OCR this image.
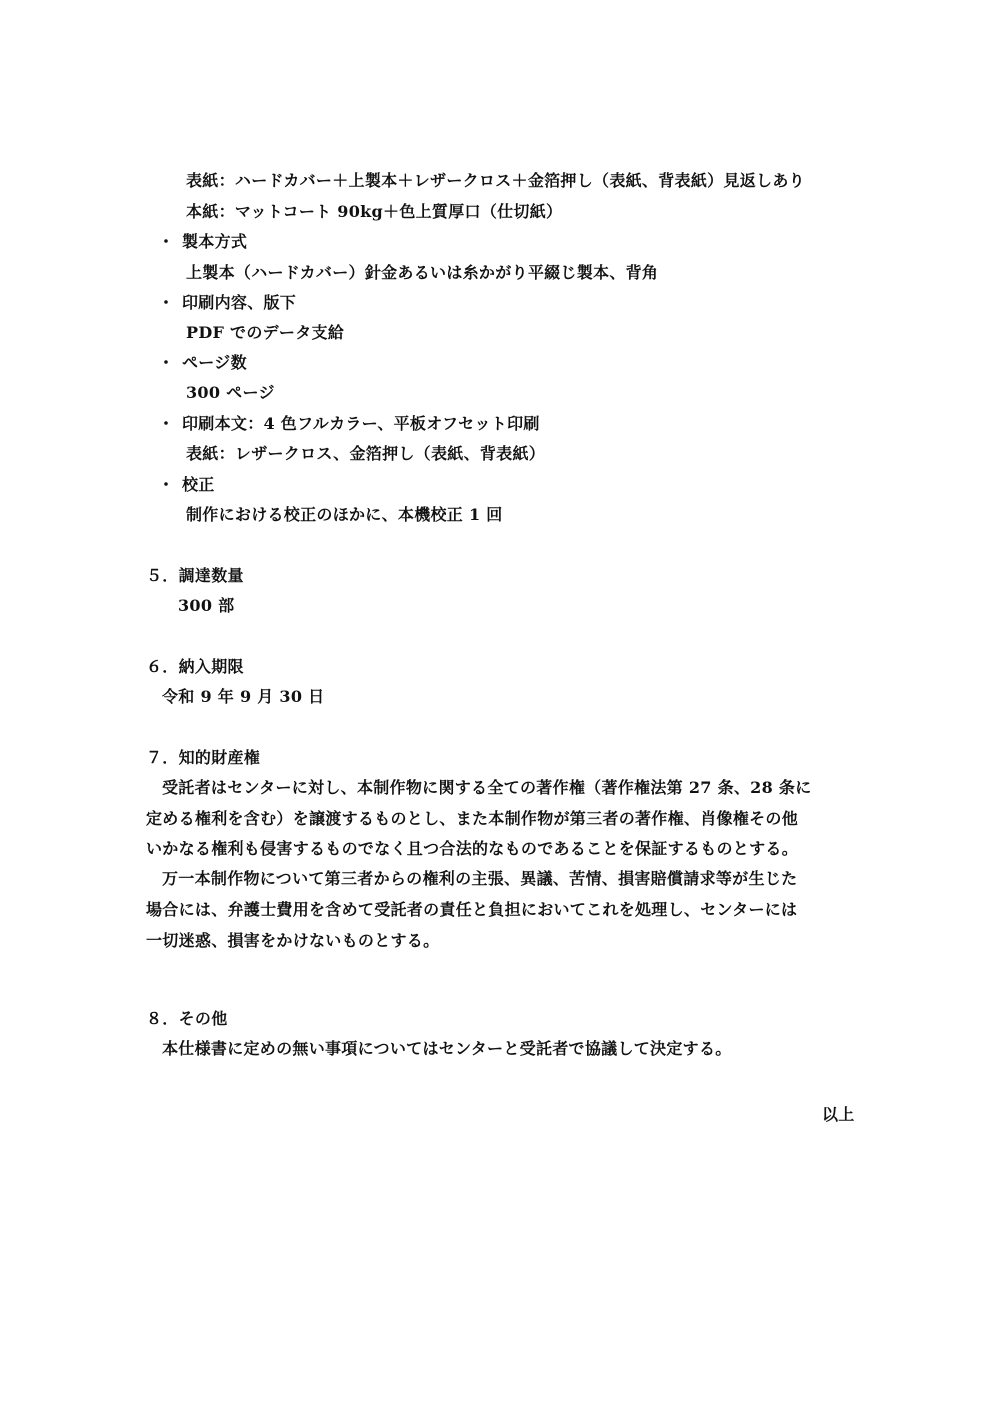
表紙：ハードカバー＋上製本＋レザークロス＋金箔押し（表紙、背表紙）見返しあり
本紙：マットコート 90kg＋色上質厚口（仕切紙）
・ 製本方式
上製本（ハードカバー）針金あるいは糸かがり平綴じ製本、背角
・ 印刷内容、版下
PDF でのデータ支給
・ ページ数
300 ページ
・ 印刷本文：4 色フルカラー、平板オフセット印刷
表紙：レザークロス、金箔押し（表紙、背表紙）
・ 校正
制作における校正のほかに、本機校正 1 回
５．調達数量
300 部
６．納入期限
令和 9 年 9 月 30 日
７．知的財産権
受託者はセンターに対し、本制作物に関する全ての著作権（著作権法第 27 条、28 条に
定める権利を含む）を譲渡するものとし、また本制作物が第三者の著作権、肖像権その他
いかなる権利も侵害するものでなく且つ合法的なものであることを保証するものとする。
万一本制作物について第三者からの権利の主張、異議、苦情、損害賠償請求等が生じた
場合には、弁護士費用を含めて受託者の責任と負担においてこれを処理し、センターには
一切迷惑、損害をかけないものとする。
８．その他
本仕様書に定めの無い事項についてはセンターと受託者で協議して決定する。
以上
